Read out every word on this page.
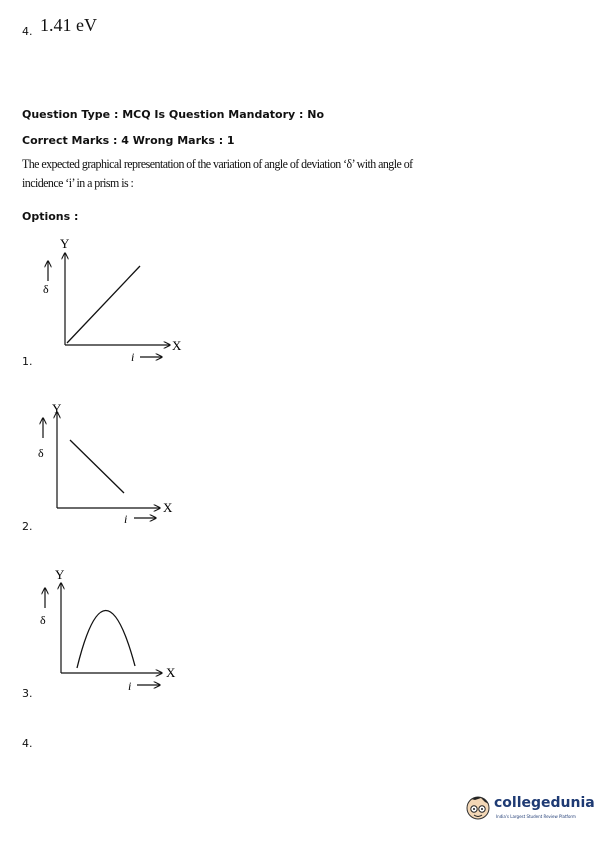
4. 1.41 eV
Question Type : MCQ Is Question Mandatory : No
Correct Marks : 4 Wrong Marks : 1
The expected graphical representation of the variation of angle of deviation ‘δ’ with angle of
incidence ‘i’ in a prism is :
Options :
Y
δ
X
i
1.
Y
δ
X
i
2.
Y
δ
X
i
3.
4.
collegedunia
India's Largest Student Review Platform
